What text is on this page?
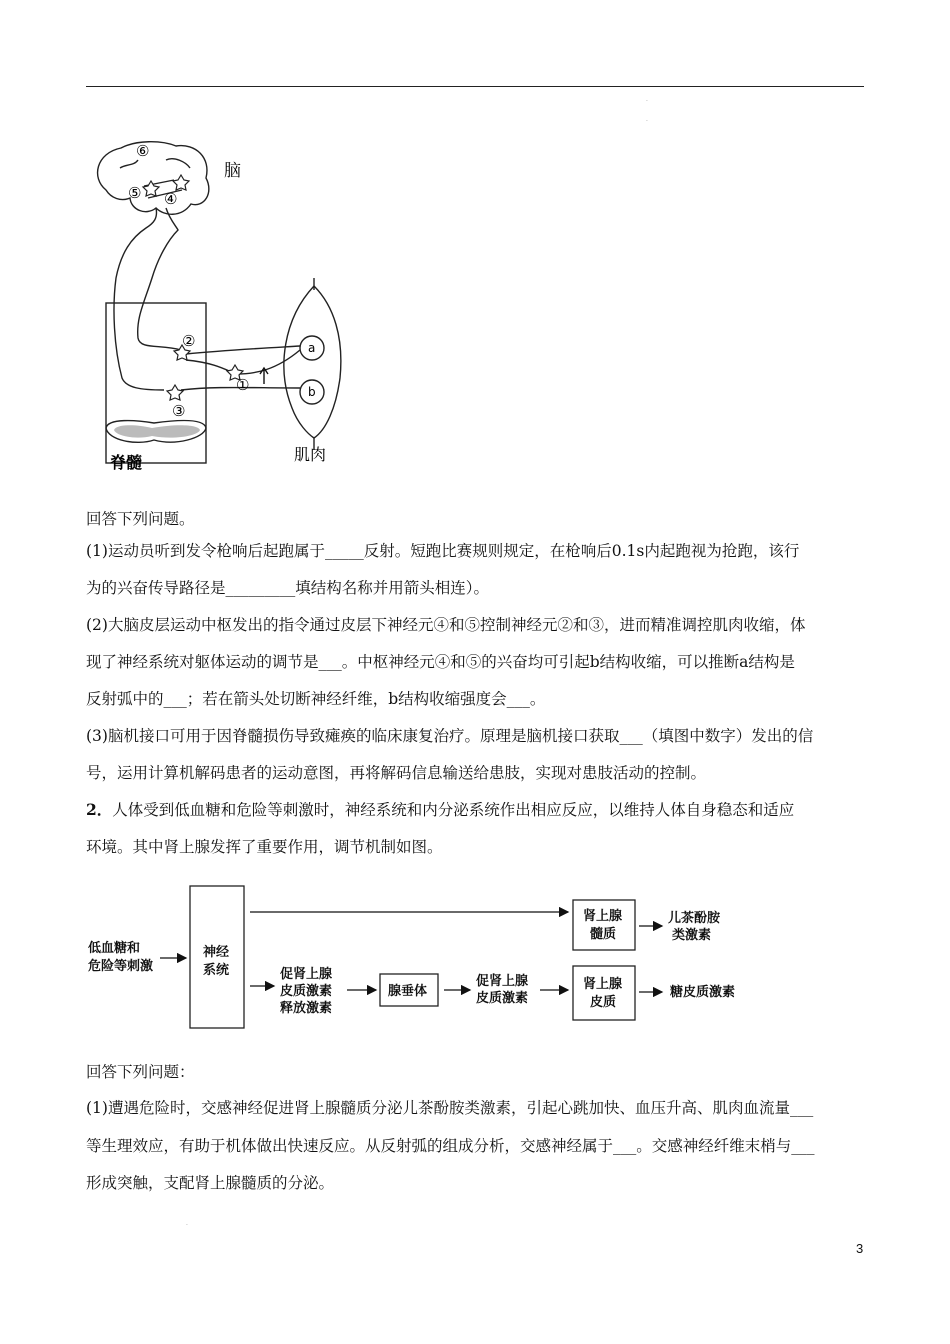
·
·
⑥
⑤ ④
脑
②
③
①
a
b
脊髓	肌肉
回答下列问题。
(1)运动员听到发令枪响后起跑属于_____反射。短跑比赛规则规定，在枪响后0.1s内起跑视为抢跑，该行
为的兴奋传导路径是_________填结构名称并用箭头相连）。
(2)大脑皮层运动中枢发出的指令通过皮层下神经元④和⑤控制神经元②和③，进而精准调控肌肉收缩，体
现了神经系统对躯体运动的调节是___。中枢神经元④和⑤的兴奋均可引起b结构收缩，可以推断a结构是
反射弧中的___；若在箭头处切断神经纤维，b结构收缩强度会___。
(3)脑机接口可用于因脊髓损伤导致瘫痪的临床康复治疗。原理是脑机接口获取___（填图中数字）发出的信
号，运用计算机解码患者的运动意图，再将解码信息输送给患肢，实现对患肢活动的控制。
2．人体受到低血糖和危险等刺激时，神经系统和内分泌系统作出相应反应，以维持人体自身稳态和适应
环境。其中肾上腺发挥了重要作用，调节机制如图。
低血糖和
危险等刺激
神经
系统
肾上腺
髓质
儿茶酚胺
类激素
促肾上腺
皮质激素
释放激素
腺垂体
促肾上腺
皮质激素
肾上腺
皮质
糖皮质激素
回答下列问题：
(1)遭遇危险时，交感神经促进肾上腺髓质分泌儿茶酚胺类激素，引起心跳加快、血压升高、肌肉血流量___
等生理效应，有助于机体做出快速反应。从反射弧的组成分析，交感神经属于___。交感神经纤维末梢与___
形成突触，支配肾上腺髓质的分泌。
·
3
